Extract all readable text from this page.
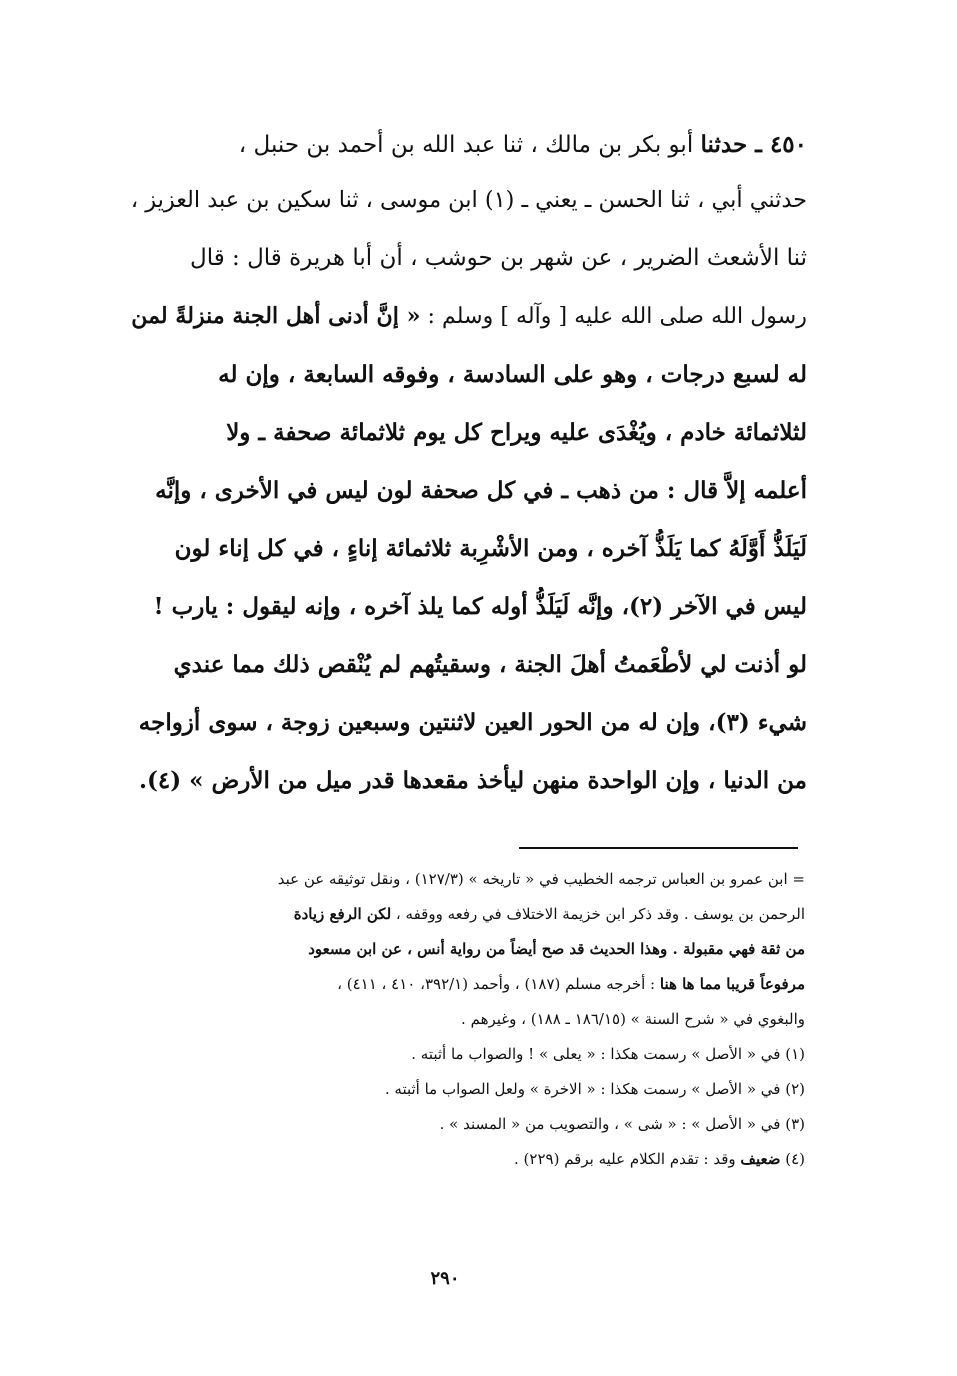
٤٥٠ ـ حدثنا أبو بكر بن مالك ، ثنا عبد الله بن أحمد بن حنبل ،
حدثني أبي ، ثنا الحسن ـ يعني ـ (١) ابن موسى ، ثنا سكين بن عبد العزيز ،
ثنا الأشعث الضرير ، عن شهر بن حوشب ، أن أبا هريرة قال : قال
رسول الله صلى الله عليه [ وآله ] وسلم : « إنَّ أدنى أهل الجنة منزلةً لمن
له لسبع درجات ، وهو على السادسة ، وفوقه السابعة ، وإن له
لثلاثمائة خادم ، ويُغْدَى عليه ويراح كل يوم ثلاثمائة صحفة ـ ولا
أعلمه إلاَّ قال : من ذهب ـ في كل صحفة لون ليس في الأخرى ، وإنَّه
لَيَلَذُّ أَوَّلَهُ كما يَلَذُّ آخره ، ومن الأشْرِبة ثلاثمائة إناءٍ ، في كل إناء لون
ليس في الآخر (٢)، وإنَّه لَيَلَذُّ أوله كما يلذ آخره ، وإنه ليقول : يارب !
لو أذنت لي لأطْعَمتُ أهلَ الجنة ، وسقيتُهم لم يُنْقص ذلك مما عندي
شيء (٣)، وإن له من الحور العين لاثنتين وسبعين زوجة ، سوى أزواجه
من الدنيا ، وإن الواحدة منهن ليأخذ مقعدها قدر ميل من الأرض » (٤).
= ابن عمرو بن العباس ترجمه الخطيب في « تاريخه » (١٢٧/٣) ، ونقل توثيقه عن عبد
الرحمن بن يوسف . وقد ذكر ابن خزيمة الاختلاف في رفعه ووقفه ، لكن الرفع زيادة
من ثقة فهي مقبولة . وهذا الحديث قد صح أيضاً من رواية أنس ، عن ابن مسعود
مرفوعاً قريبا مما ها هنا : أخرجه مسلم (١٨٧) ، وأحمد (٣٩٢/١، ٤١٠ ، ٤١١) ،
والبغوي في « شرح السنة » (١٨٦/١٥ ـ ١٨٨) ، وغيرهم .
(١) في « الأصل » رسمت هكذا : « يعلى » ! والصواب ما أثبته .
(٢) في « الأصل » رسمت هكذا : « الاخرة » ولعل الصواب ما أثبته .
(٣) في « الأصل » : « شى » ، والتصويب من « المسند » .
(٤) ضعيف وقد : تقدم الكلام عليه برقم (٢٢٩) .
٢٩٠
